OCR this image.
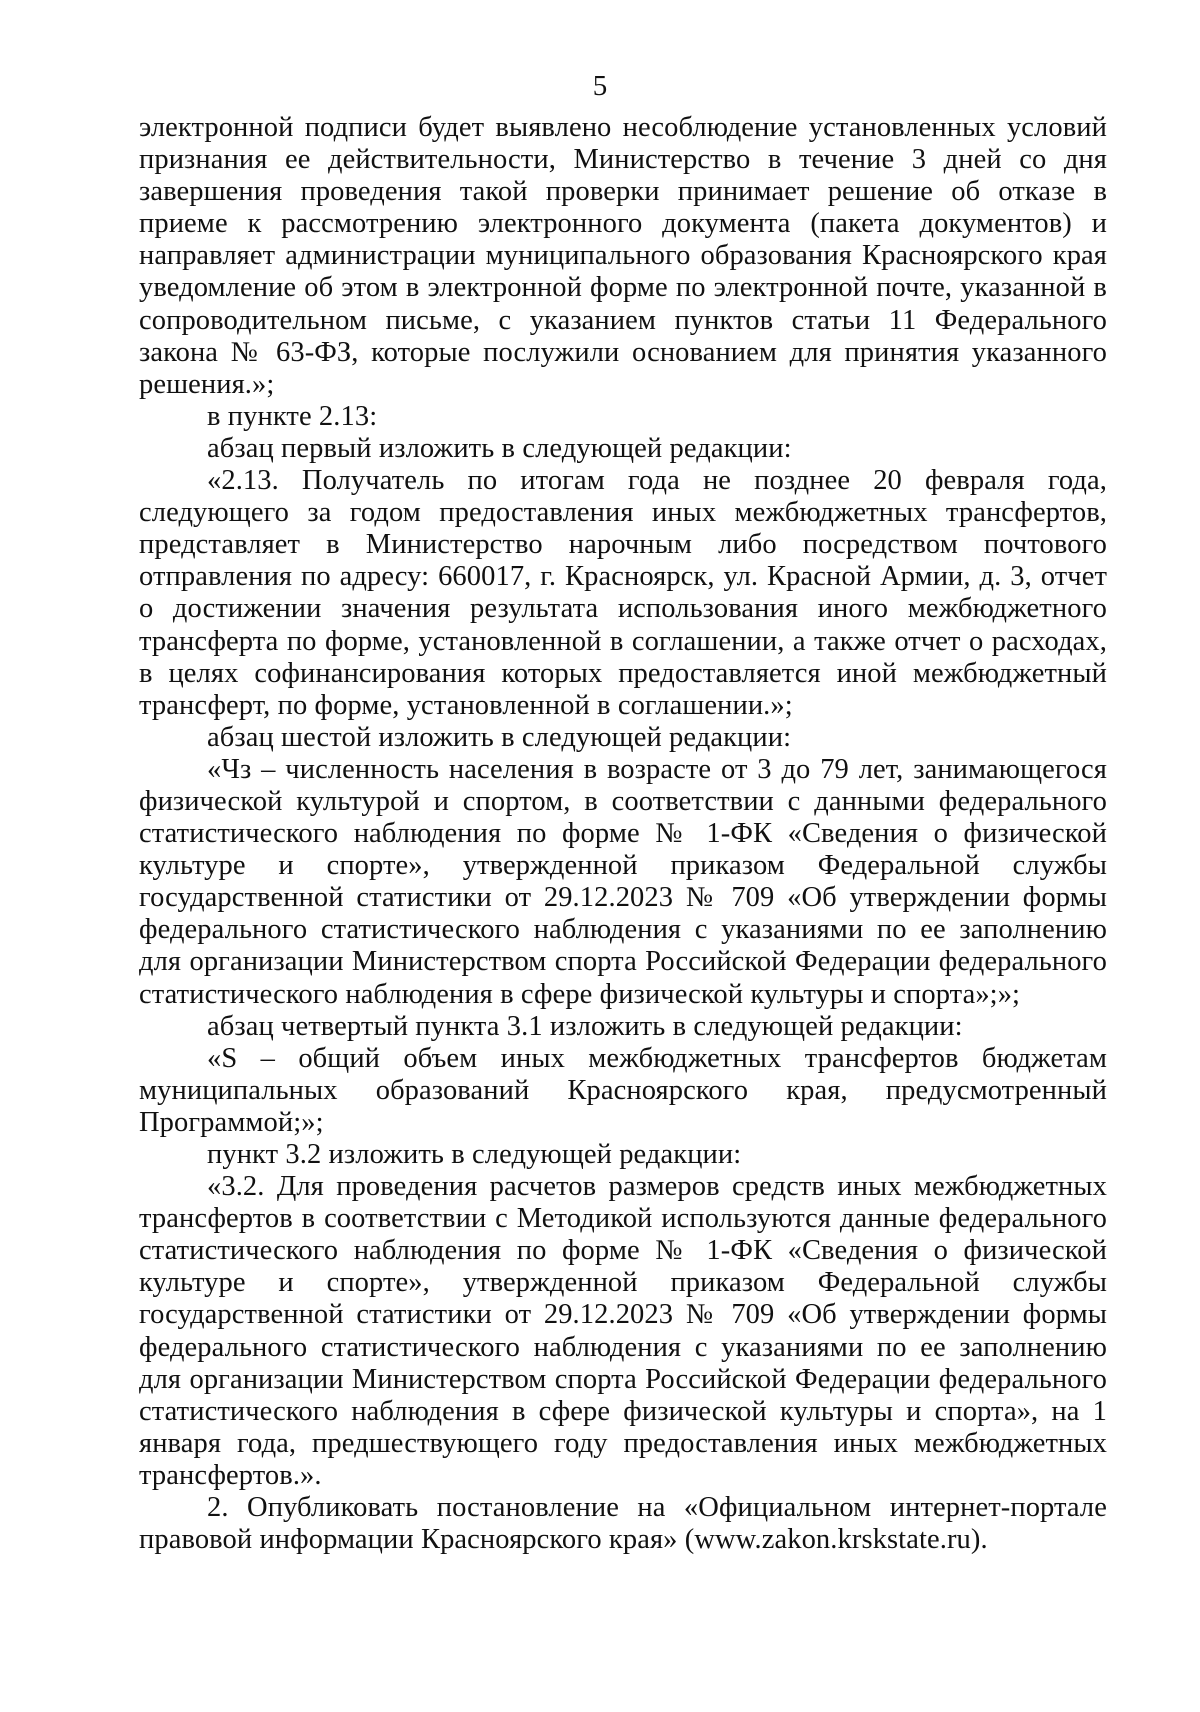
5

электронной подписи будет выявлено несоблюдение установленных условий признания ее действительности, Министерство в течение 3 дней со дня завершения проведения такой проверки принимает решение об отказе в приеме к рассмотрению электронного документа (пакета документов) и направляет администрации муниципального образования Красноярского края уведомление об этом в электронной форме по электронной почте, указанной в сопроводительном письме, с указанием пунктов статьи 11 Федерального закона № 63-ФЗ, которые послужили основанием для принятия указанного решения.»;

в пункте 2.13:

абзац первый изложить в следующей редакции:

«2.13. Получатель по итогам года не позднее 20 февраля года, следующего за годом предоставления иных межбюджетных трансфертов, представляет в Министерство нарочным либо посредством почтового отправления по адресу: 660017, г. Красноярск, ул. Красной Армии, д. 3, отчет о достижении значения результата использования иного межбюджетного трансферта по форме, установленной в соглашении, а также отчет о расходах, в целях софинансирования которых предоставляется иной межбюджетный трансферт, по форме, установленной в соглашении.»;

абзац шестой изложить в следующей редакции:

«Чз – численность населения в возрасте от 3 до 79 лет, занимающегося физической культурой и спортом, в соответствии с данными федерального статистического наблюдения по форме № 1-ФК «Сведения о физической культуре и спорте», утвержденной приказом Федеральной службы государственной статистики от 29.12.2023 № 709 «Об утверждении формы федерального статистического наблюдения с указаниями по ее заполнению для организации Министерством спорта Российской Федерации федерального статистического наблюдения в сфере физической культуры и спорта»;»;

абзац четвертый пункта 3.1 изложить в следующей редакции:

«S – общий объем иных межбюджетных трансфертов бюджетам муниципальных образований Красноярского края, предусмотренный Программой;»;

пункт 3.2 изложить в следующей редакции:

«3.2. Для проведения расчетов размеров средств иных межбюджетных трансфертов в соответствии с Методикой используются данные федерального статистического наблюдения по форме № 1-ФК «Сведения о физической культуре и спорте», утвержденной приказом Федеральной службы государственной статистики от 29.12.2023 № 709 «Об утверждении формы федерального статистического наблюдения с указаниями по ее заполнению для организации Министерством спорта Российской Федерации федерального статистического наблюдения в сфере физической культуры и спорта», на 1 января года, предшествующего году предоставления иных межбюджетных трансфертов.».

2. Опубликовать постановление на «Официальном интернет-портале правовой информации Красноярского края» (www.zakon.krskstate.ru).
